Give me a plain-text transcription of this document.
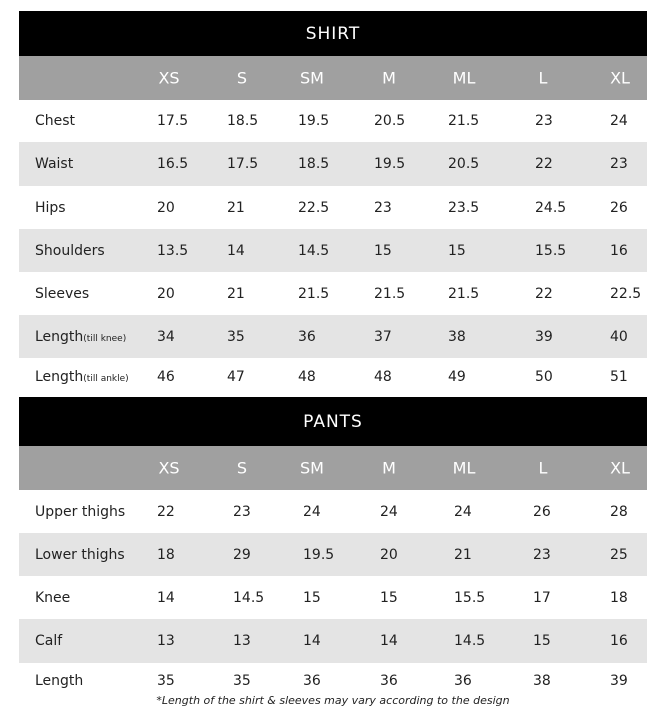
SHIRT
XS	S	SM	M	ML	L	XL
Chest	17.5	18.5	19.5	20.5	21.5	23	24
Waist	16.5	17.5	18.5	19.5	20.5	22	23
Hips	20	21	22.5	23	23.5	24.5	26
Shoulders	13.5	14	14.5	15	15	15.5	16
Sleeves	20	21	21.5	21.5	21.5	22	22.5
Length(till knee) 34	35	36	37	38	39	40
Length(till ankle) 46	47	48	48	49	50	51
PANTS
XS	S	SM	M	ML	L	XL
Upper thighs 22	23	24	24	24	26	28
Lower thighs 18	29	19.5	20	21	23	25
Knee	14	14.5	15	15	15.5	17	18
Calf	13	13	14	14	14.5	15	16
Length	35	35	36	36	36	38	39
*Length of the shirt & sleeves may vary according to the design
